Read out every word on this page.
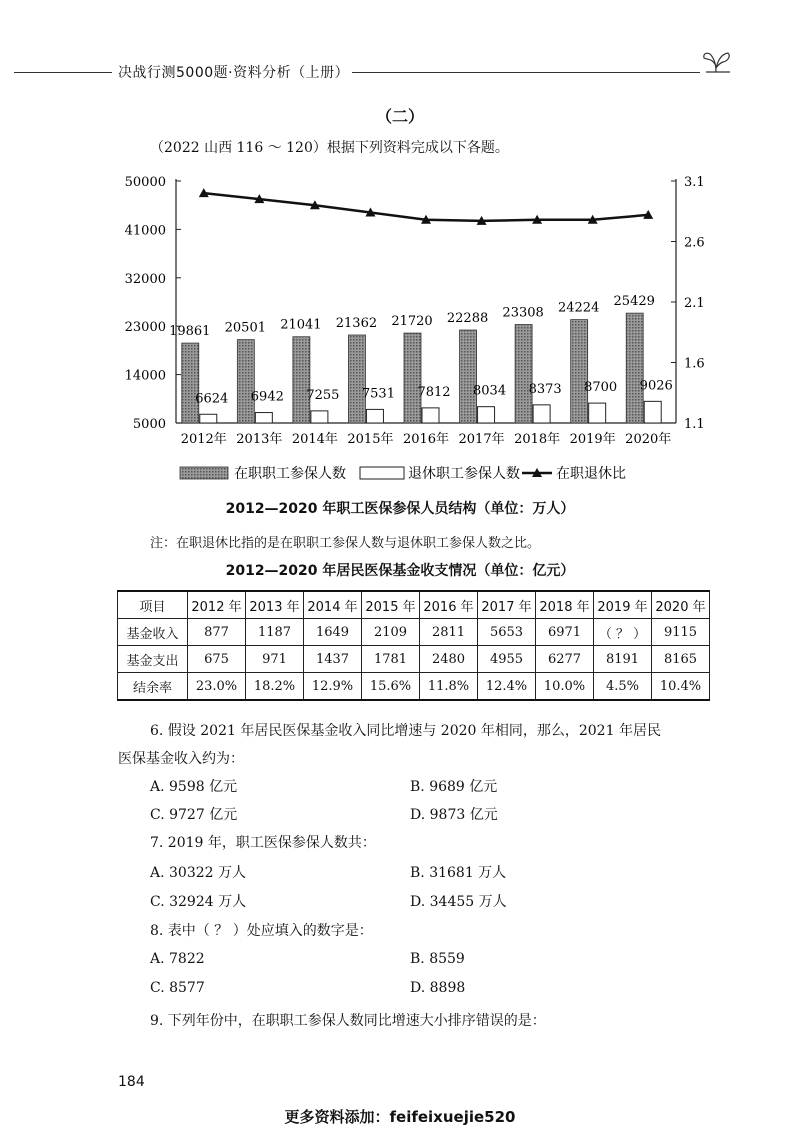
决战行测5000题·资料分析（上册）
（二）
（2022 山西 116 ～ 120）根据下列资料完成以下各题。
50000
41000
32000
23000
14000
5000
3.1
2.6
2.1
1.6
1.1
2012年
19861
6624
2013年
20501
6942
2014年
21041
7255
2015年
21362
7531
2016年
21720
7812
2017年
22288
8034
2018年
23308
8373
2019年
24224
8700
2020年
25429
9026
在职职工参保人数	退休职工参保人数	在职退休比
2012—2020 年职工医保参保人员结构（单位：万人）
注：在职退休比指的是在职职工参保人数与退休职工参保人数之比。
2012—2020 年居民医保基金收支情况（单位：亿元）
项目	2012 年	2013 年	2014 年	2015 年	2016 年	2017 年	2018 年	2019 年	2020 年
基金收入	877	1187	1649	2109	2811	5653	6971	（ ？ ）	9115
基金支出	675	971	1437	1781	2480	4955	6277	8191	8165
结余率	23.0%	18.2%	12.9%	15.6%	11.8%	12.4%	10.0%	4.5%	10.4%
6. 假设 2021 年居民医保基金收入同比增速与 2020 年相同，那么，2021 年居民
医保基金收入约为：
A. 9598 亿元	B. 9689 亿元
C. 9727 亿元	D. 9873 亿元
7. 2019 年，职工医保参保人数共：
A. 30322 万人	B. 31681 万人
C. 32924 万人	D. 34455 万人
8. 表中（ ？ ）处应填入的数字是：
A. 7822	B. 8559
C. 8577	D. 8898
9. 下列年份中，在职职工参保人数同比增速大小排序错误的是：
184
更多资料添加：feifeixuejie520
